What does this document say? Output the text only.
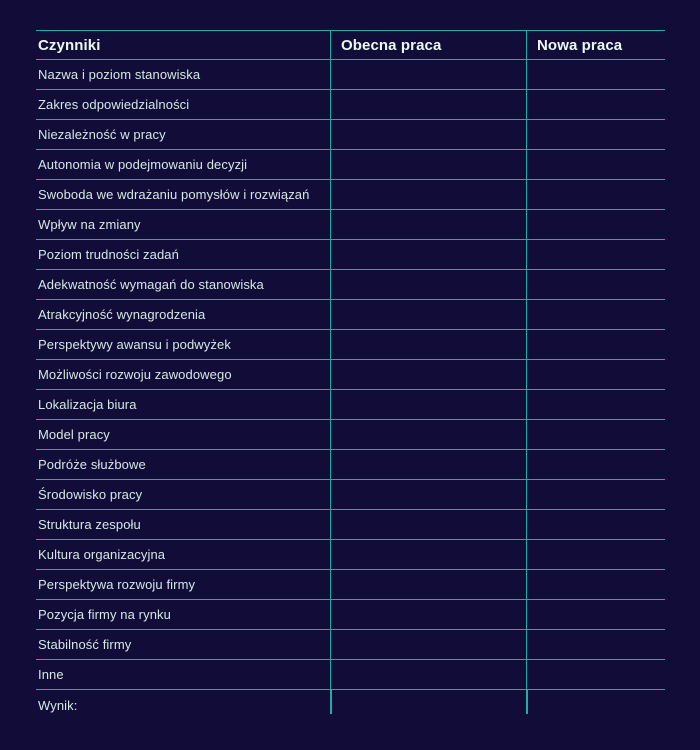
Czynniki	Obecna praca	Nowa praca
Nazwa i poziom stanowiska
Zakres odpowiedzialności
Niezależność w pracy
Autonomia w podejmowaniu decyzji
Swoboda we wdrażaniu pomysłów i rozwiązań
Wpływ na zmiany
Poziom trudności zadań
Adekwatność wymagań do stanowiska
Atrakcyjność wynagrodzenia
Perspektywy awansu i podwyżek
Możliwości rozwoju zawodowego
Lokalizacja biura
Model pracy
Podróże służbowe
Środowisko pracy
Struktura zespołu
Kultura organizacyjna
Perspektywa rozwoju firmy
Pozycja firmy na rynku
Stabilność firmy
Inne
Wynik:
